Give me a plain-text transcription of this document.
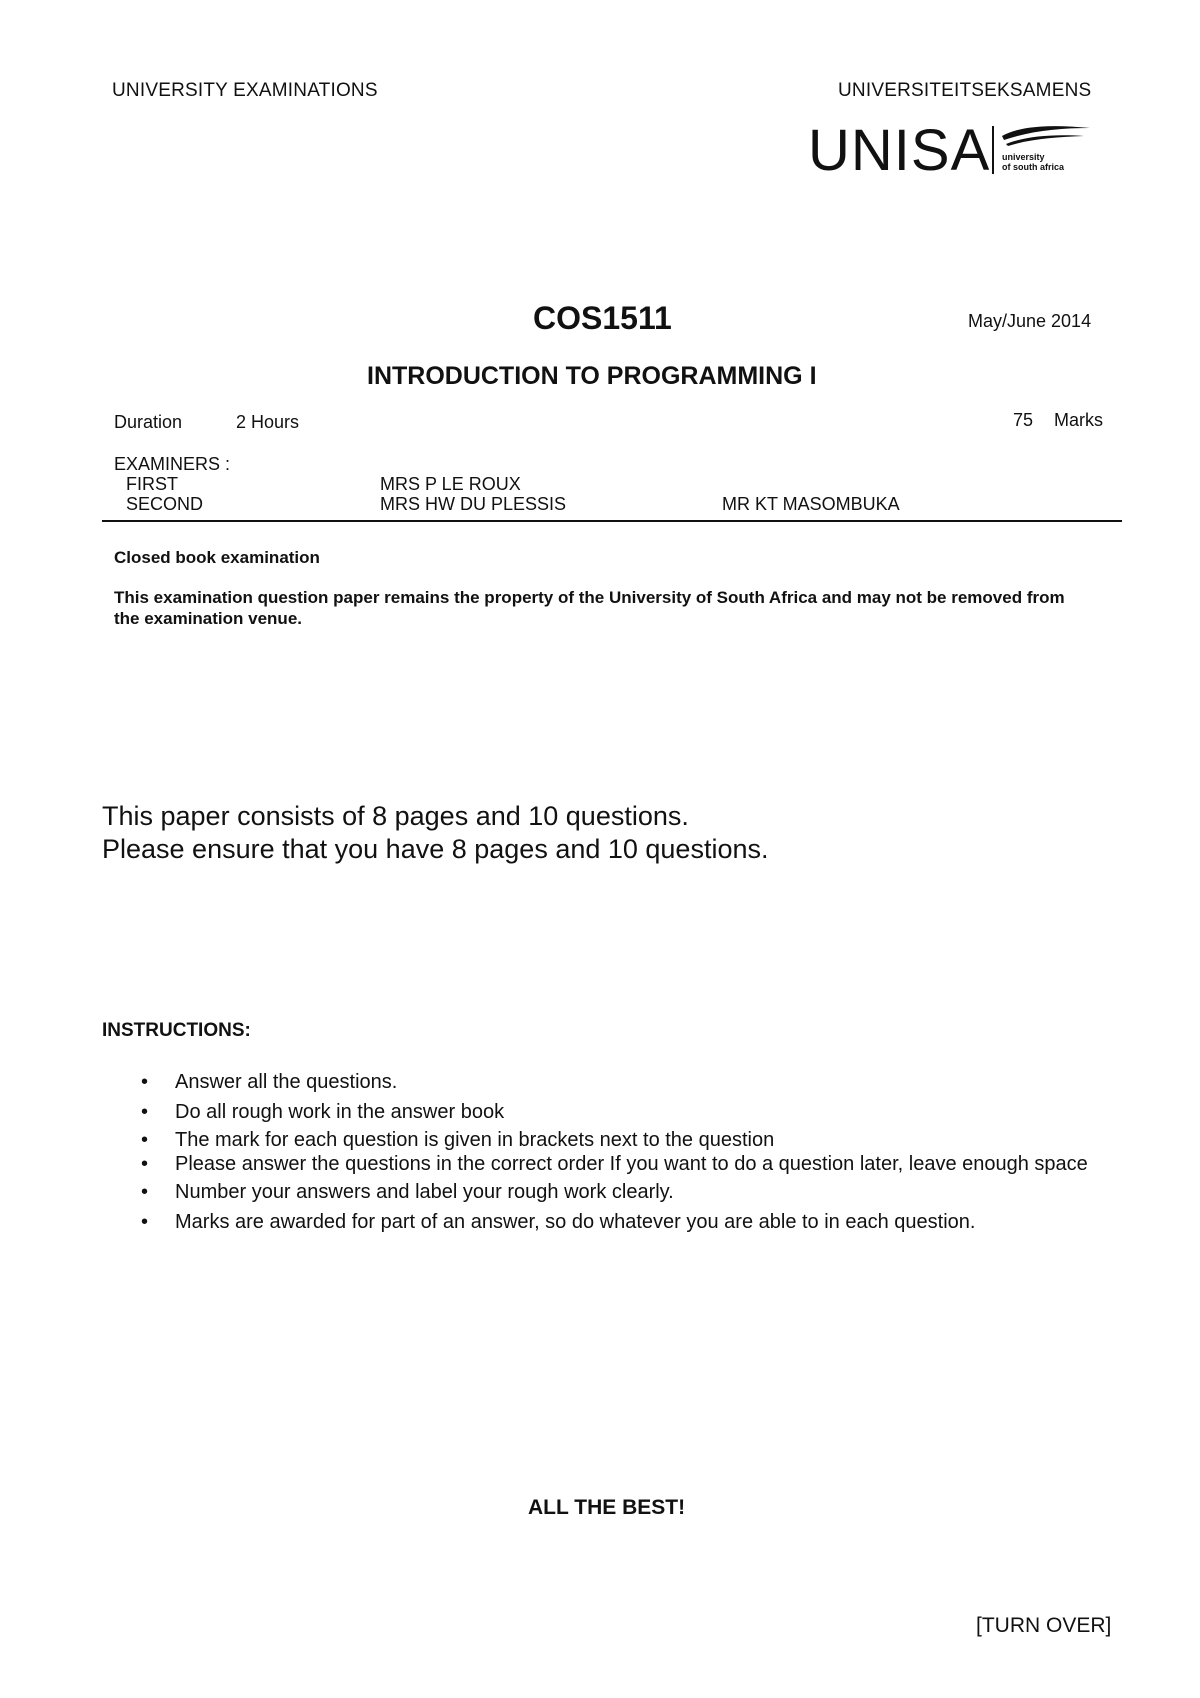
UNIVERSITY EXAMINATIONS	UNIVERSITEITSEKSAMENS
UNISA university
of south africa
COS1511	May/June 2014
INTRODUCTION TO PROGRAMMING I
Duration	2 Hours	75 Marks
EXAMINERS :
FIRST	MRS P LE ROUX
SECOND	MRS HW DU PLESSIS	MR KT MASOMBUKA
Closed book examination
This examination question paper remains the property of the University of South Africa and may not be removed from the examination venue.
This paper consists of 8 pages and 10 questions.
Please ensure that you have 8 pages and 10 questions.
INSTRUCTIONS:
• Answer all the questions.
• Do all rough work in the answer book
• The mark for each question is given in brackets next to the question
• Please answer the questions in the correct order If you want to do a question later, leave enough space
• Number your answers and label your rough work clearly.
• Marks are awarded for part of an answer, so do whatever you are able to in each question.
ALL THE BEST!
[TURN OVER]
